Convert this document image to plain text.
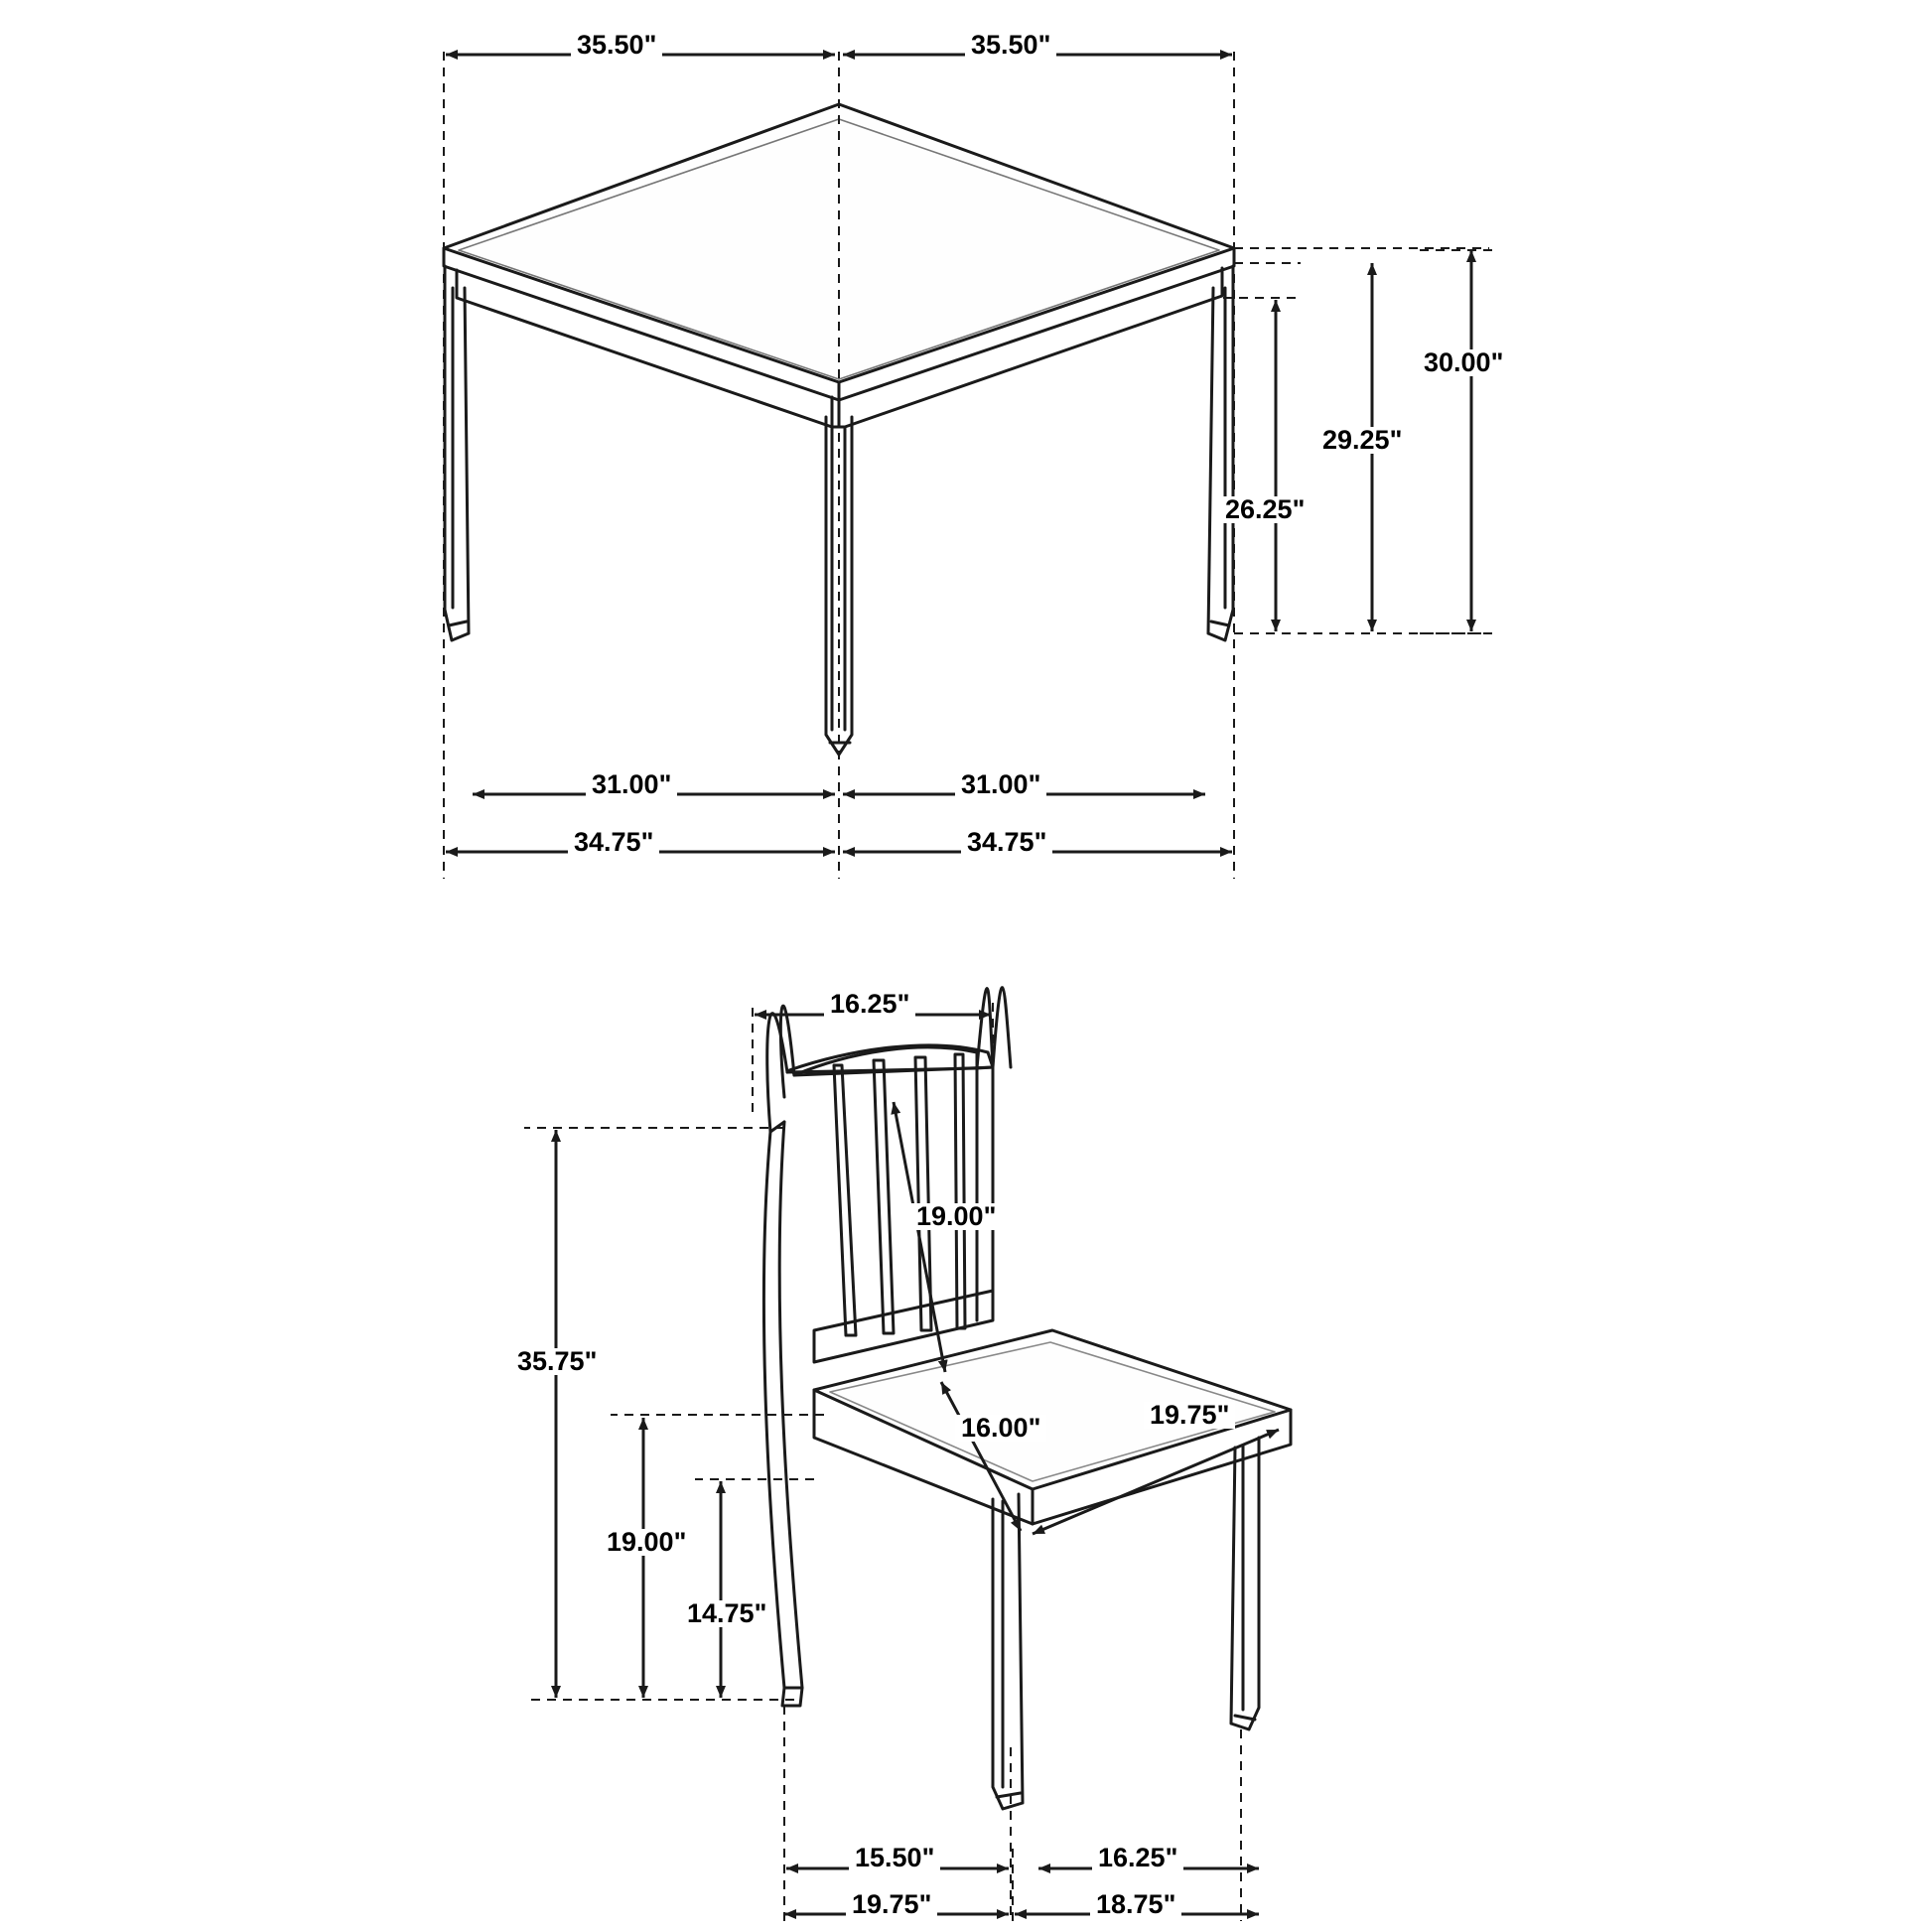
35.50"	35.50"
30.00"
29.25"
26.25"
31.00"	31.00"
34.75"	34.75"
16.25"
35.75"
19.00"
19.00"
14.75"
16.00"	19.75"
15.50"	16.25"
19.75"	18.75"
